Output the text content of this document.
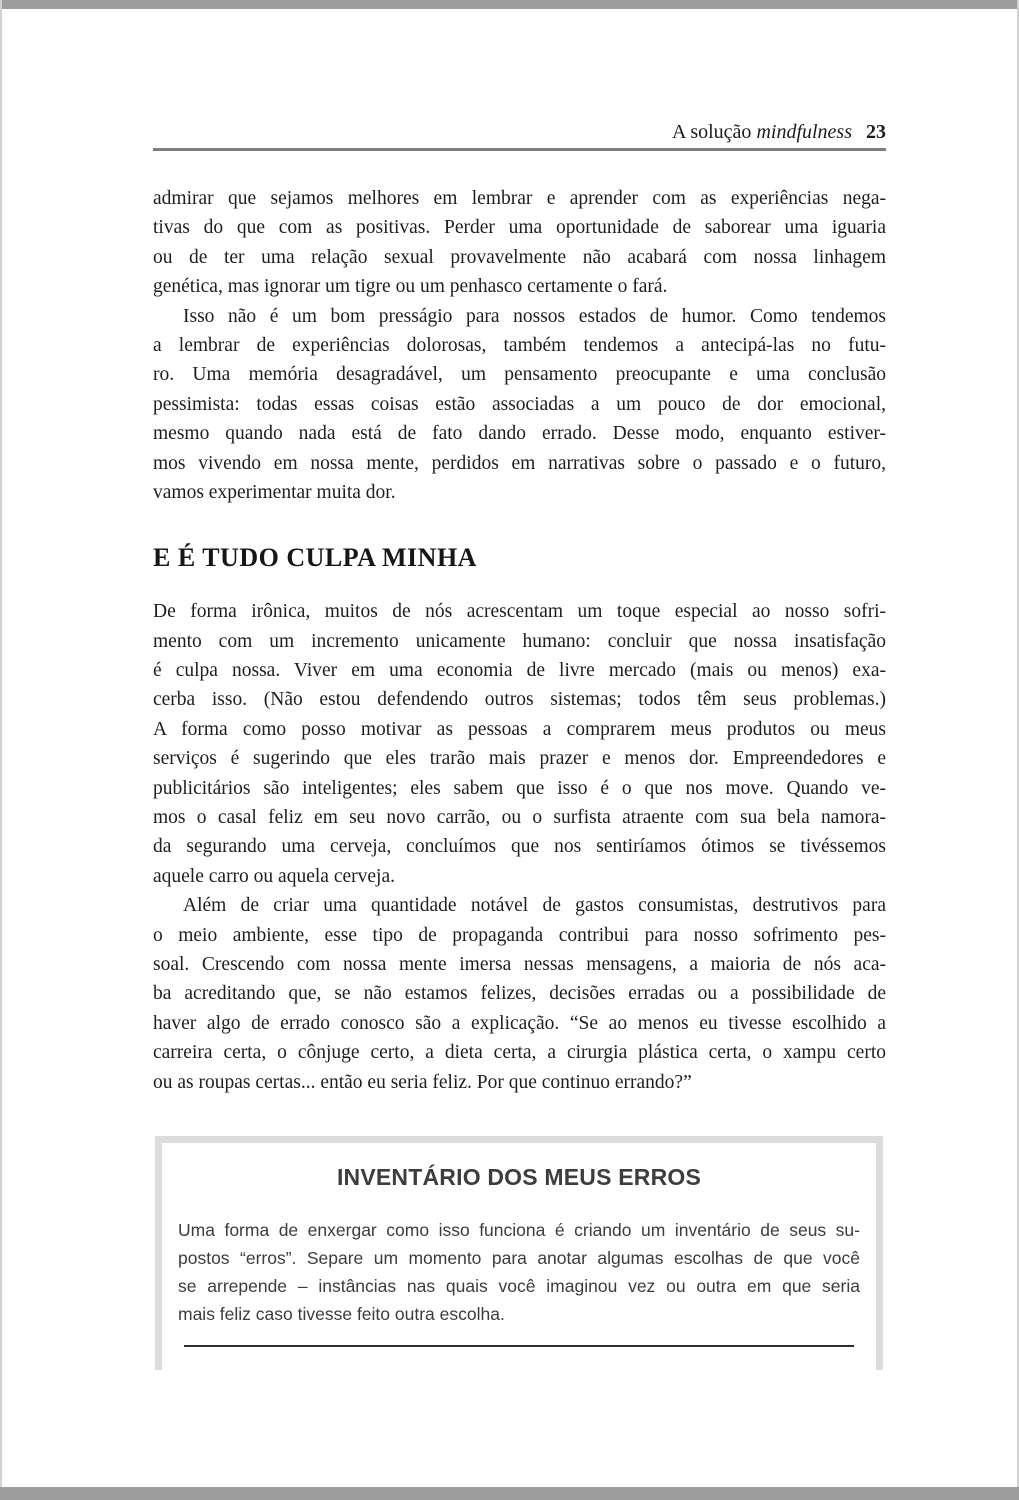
A solução mindfulness 23
admirar que sejamos melhores em lembrar e aprender com as experiências nega-
tivas do que com as positivas. Perder uma oportunidade de saborear uma iguaria
ou de ter uma relação sexual provavelmente não acabará com nossa linhagem
genética, mas ignorar um tigre ou um penhasco certamente o fará.
Isso não é um bom presságio para nossos estados de humor. Como tendemos
a lembrar de experiências dolorosas, também tendemos a antecipá-las no futu-
ro. Uma memória desagradável, um pensamento preocupante e uma conclusão
pessimista: todas essas coisas estão associadas a um pouco de dor emocional,
mesmo quando nada está de fato dando errado. Desse modo, enquanto estiver-
mos vivendo em nossa mente, perdidos em narrativas sobre o passado e o futuro,
vamos experimentar muita dor.
E É TUDO CULPA MINHA
De forma irônica, muitos de nós acrescentam um toque especial ao nosso sofri-
mento com um incremento unicamente humano: concluir que nossa insatisfação
é culpa nossa. Viver em uma economia de livre mercado (mais ou menos) exa-
cerba isso. (Não estou defendendo outros sistemas; todos têm seus problemas.)
A forma como posso motivar as pessoas a comprarem meus produtos ou meus
serviços é sugerindo que eles trarão mais prazer e menos dor. Empreendedores e
publicitários são inteligentes; eles sabem que isso é o que nos move. Quando ve-
mos o casal feliz em seu novo carrão, ou o surfista atraente com sua bela namora-
da segurando uma cerveja, concluímos que nos sentiríamos ótimos se tivéssemos
aquele carro ou aquela cerveja.
Além de criar uma quantidade notável de gastos consumistas, destrutivos para
o meio ambiente, esse tipo de propaganda contribui para nosso sofrimento pes-
soal. Crescendo com nossa mente imersa nessas mensagens, a maioria de nós aca-
ba acreditando que, se não estamos felizes, decisões erradas ou a possibilidade de
haver algo de errado conosco são a explicação. “Se ao menos eu tivesse escolhido a
carreira certa, o cônjuge certo, a dieta certa, a cirurgia plástica certa, o xampu certo
ou as roupas certas... então eu seria feliz. Por que continuo errando?”
INVENTÁRIO DOS MEUS ERROS
Uma forma de enxergar como isso funciona é criando um inventário de seus su-
postos “erros”. Separe um momento para anotar algumas escolhas de que você
se arrepende – instâncias nas quais você imaginou vez ou outra em que seria
mais feliz caso tivesse feito outra escolha.
